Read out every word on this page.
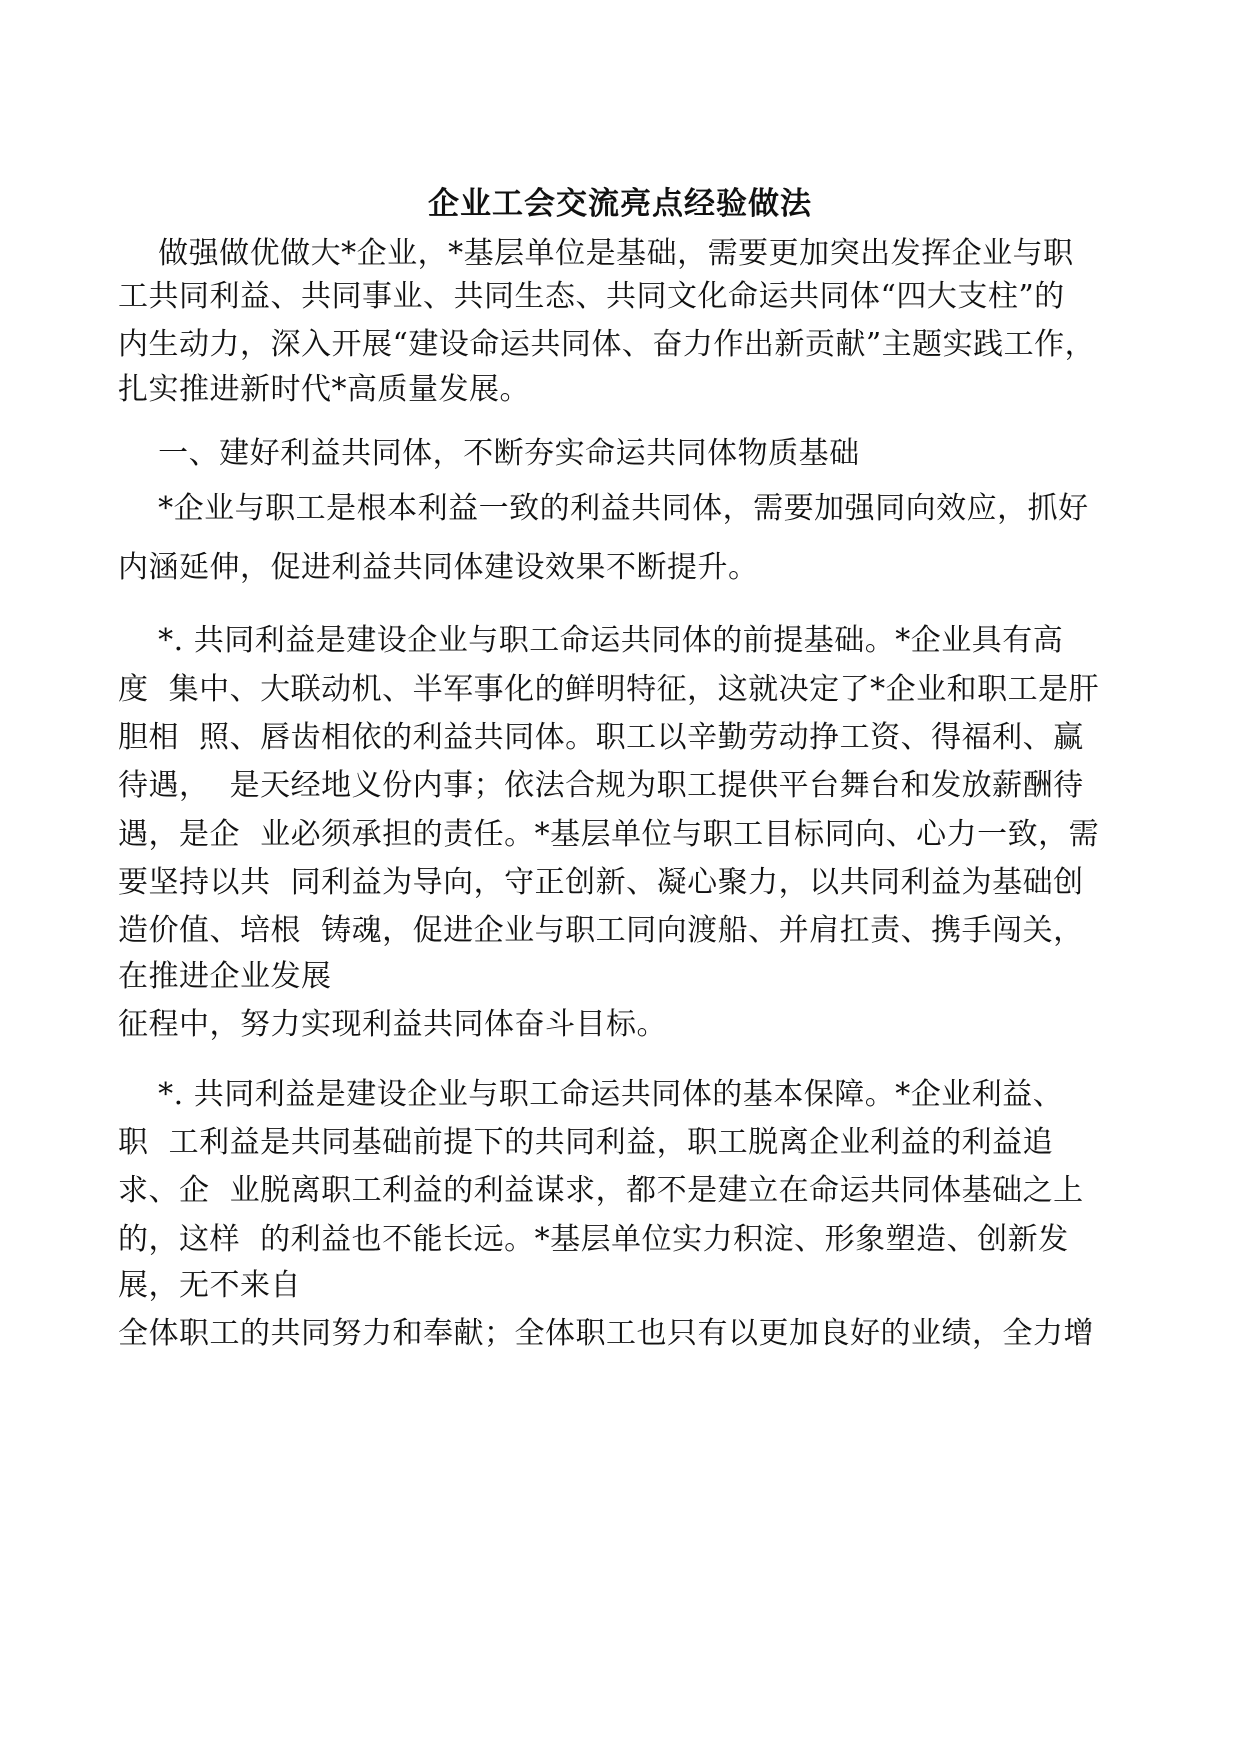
企业工会交流亮点经验做法
做强做优做大*企业，*基层单位是基础，需要更加突出发挥企业与职
工共同利益、共同事业、共同生态、共同文化命运共同体“四大支柱”的
内生动力，深入开展“建设命运共同体、奋力作出新贡献”主题实践工作，
扎实推进新时代*高质量发展。
一、建好利益共同体，不断夯实命运共同体物质基础
*企业与职工是根本利益一致的利益共同体，需要加强同向效应，抓好
内涵延伸，促进利益共同体建设效果不断提升。
*. 共同利益是建设企业与职工命运共同体的前提基础。*企业具有高
度  集中、大联动机、半军事化的鲜明特征，这就决定了*企业和职工是肝
胆相  照、唇齿相依的利益共同体。职工以辛勤劳动挣工资、得福利、赢
待遇，  是天经地义份内事；依法合规为职工提供平台舞台和发放薪酬待
遇，是企  业必须承担的责任。*基层单位与职工目标同向、心力一致，需
要坚持以共  同利益为导向，守正创新、凝心聚力，以共同利益为基础创
造价值、培根  铸魂，促进企业与职工同向渡船、并肩扛责、携手闯关，
在推进企业发展
征程中，努力实现利益共同体奋斗目标。
*. 共同利益是建设企业与职工命运共同体的基本保障。*企业利益、
职  工利益是共同基础前提下的共同利益，职工脱离企业利益的利益追
求、企  业脱离职工利益的利益谋求，都不是建立在命运共同体基础之上
的，这样  的利益也不能长远。*基层单位实力积淀、形象塑造、创新发
展，无不来自
全体职工的共同努力和奉献；全体职工也只有以更加良好的业绩，全力增
